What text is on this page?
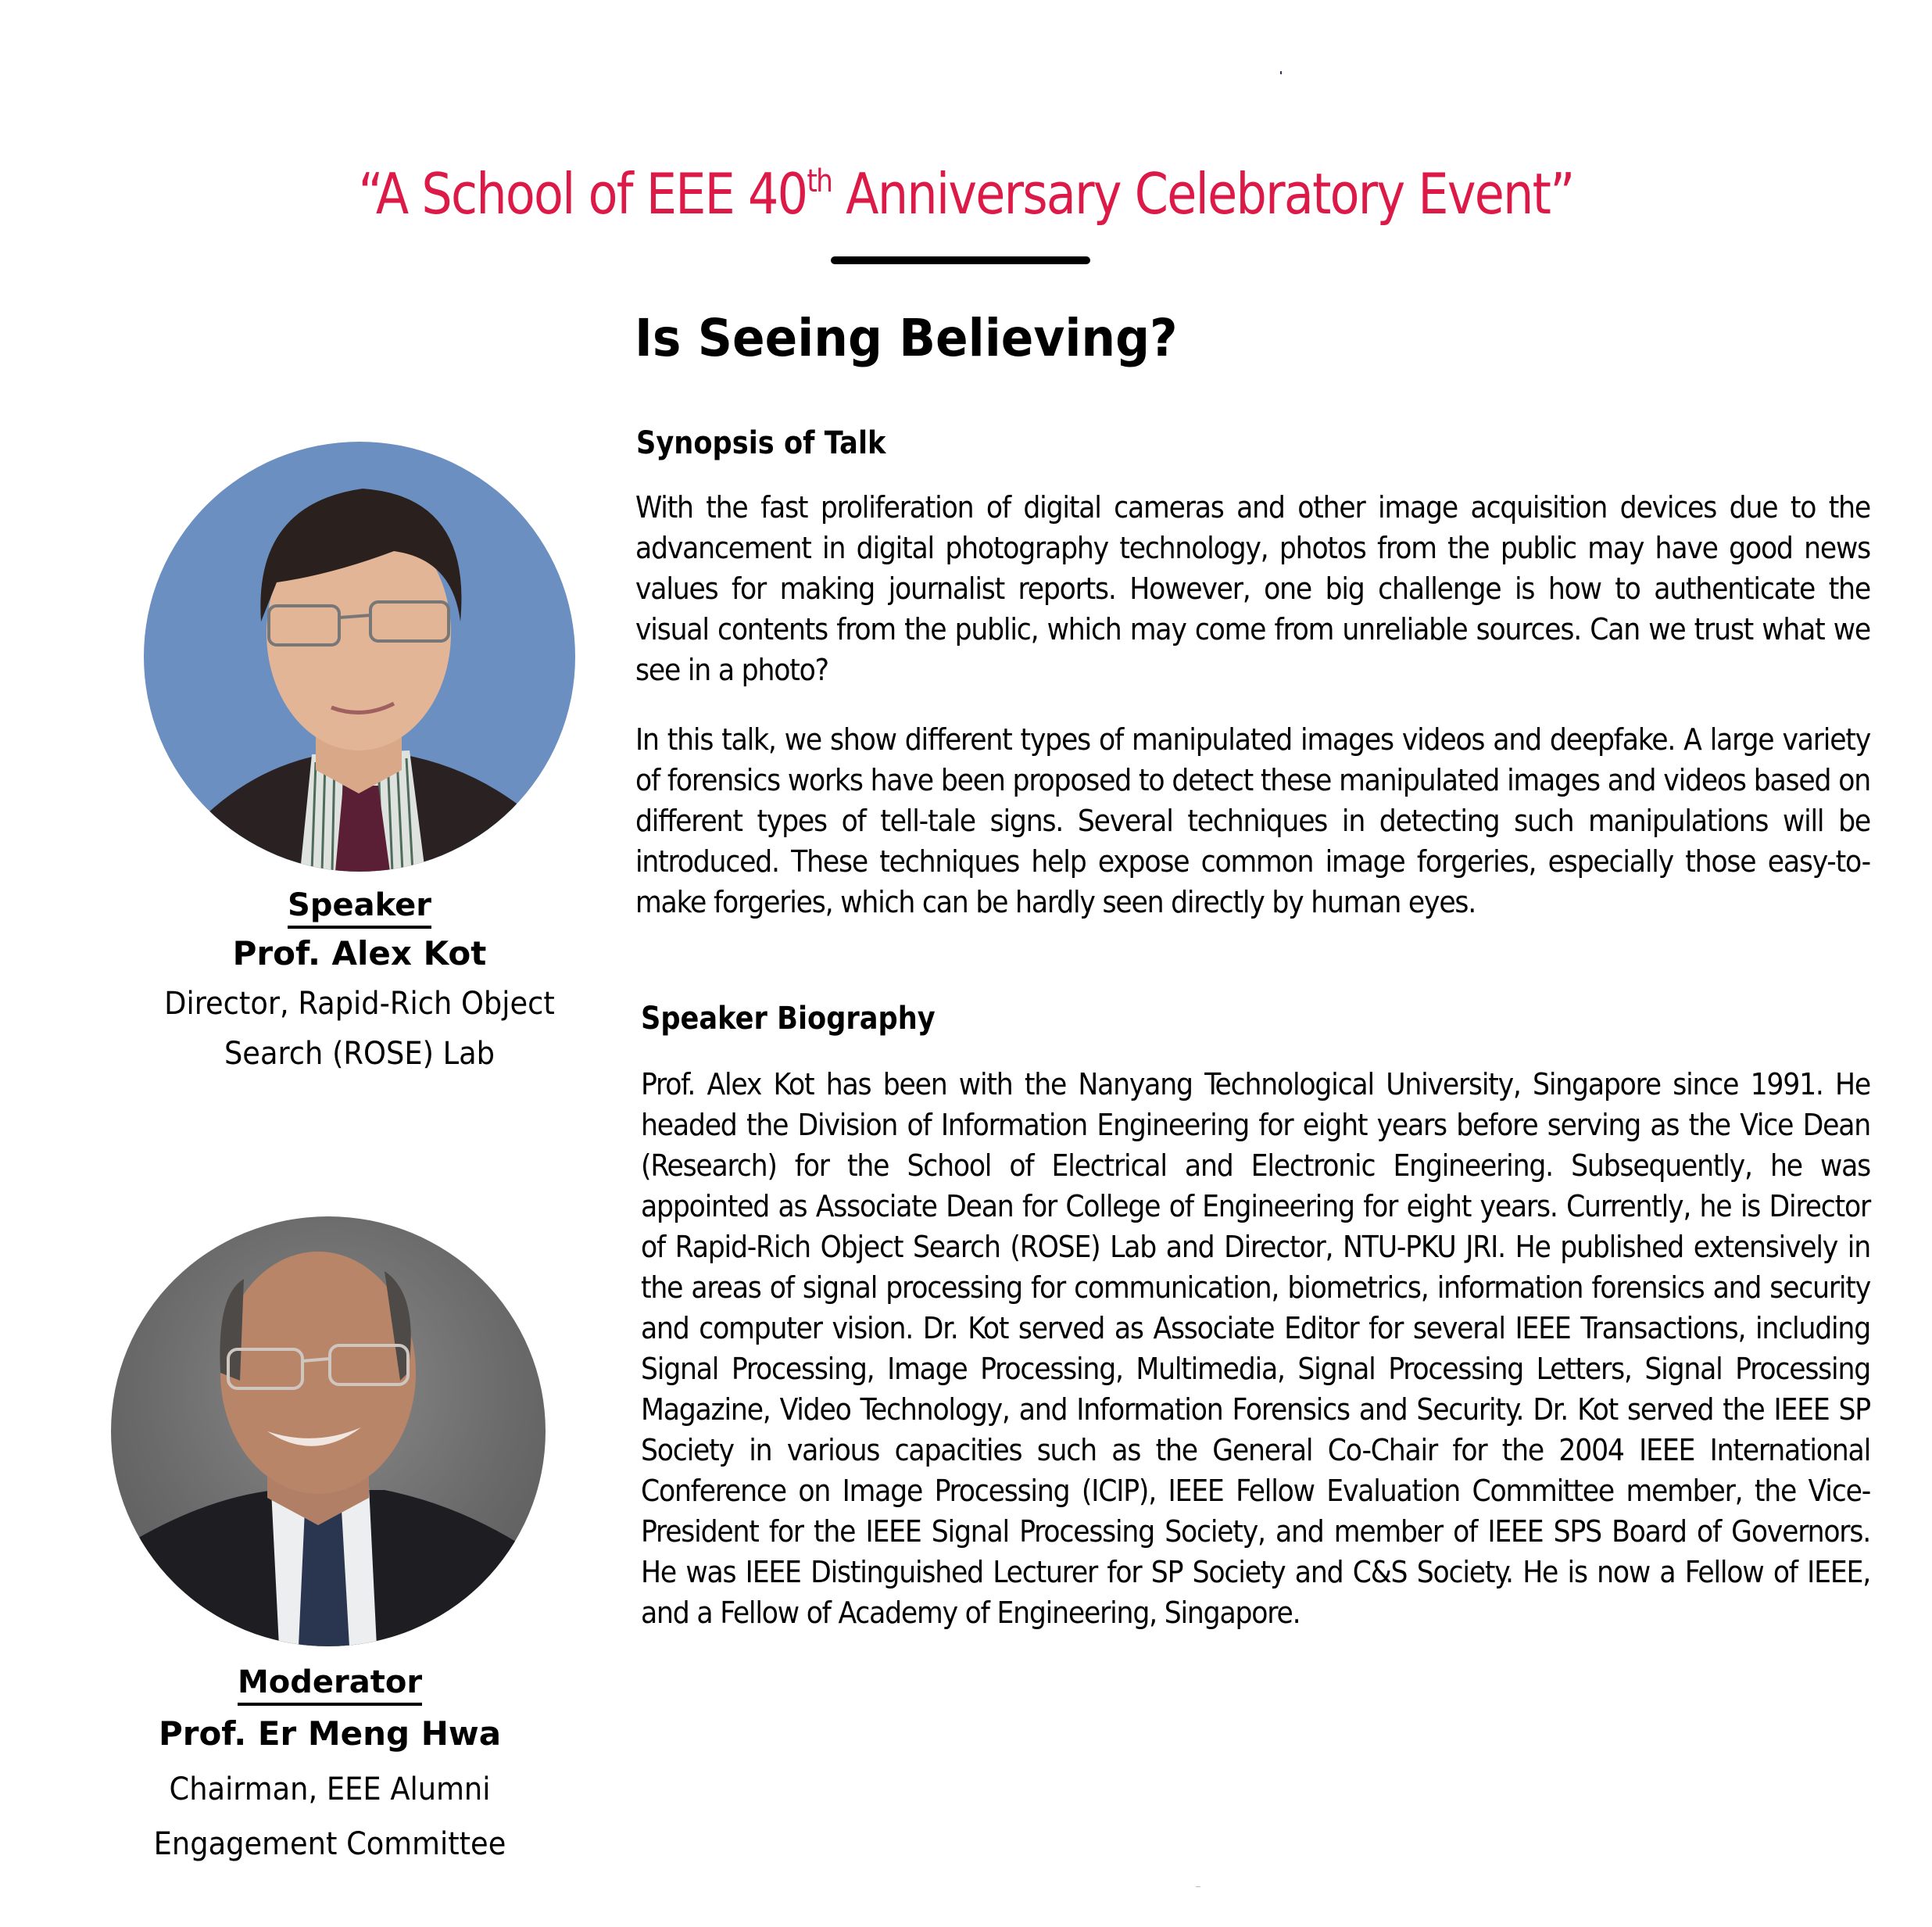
“A School of EEE 40th Anniversary Celebratory Event”
Is Seeing Believing?
Synopsis of Talk
With the fast proliferation of digital cameras and other image acquisition devices due to the advancement in digital photography technology, photos from the public may have good news values for making journalist reports. However, one big challenge is how to authenticate the visual contents from the public, which may come from unreliable sources. Can we trust what we see in a photo?
In this talk, we show different types of manipulated images videos and deepfake. A large variety of forensics works have been proposed to detect these manipulated images and videos based on different types of tell-tale signs. Several techniques in detecting such manipulations will be introduced. These techniques help expose common image forgeries, especially those easy-to-make forgeries, which can be hardly seen directly by human eyes.
Speaker Biography
Prof. Alex Kot has been with the Nanyang Technological University, Singapore since 1991. He headed the Division of Information Engineering for eight years before serving as the Vice Dean (Research) for the School of Electrical and Electronic Engineering. Subsequently, he was appointed as Associate Dean for College of Engineering for eight years. Currently, he is Director of Rapid-Rich Object Search (ROSE) Lab and Director, NTU-PKU JRI. He published extensively in the areas of signal processing for communication, biometrics, information forensics and security and computer vision. Dr. Kot served as Associate Editor for several IEEE Transactions, including Signal Processing, Image Processing, Multimedia, Signal Processing Letters, Signal Processing Magazine, Video Technology, and Information Forensics and Security. Dr. Kot served the IEEE SP Society in various capacities such as the General Co-Chair for the 2004 IEEE International Conference on Image Processing (ICIP), IEEE Fellow Evaluation Committee member, the Vice-President for the IEEE Signal Processing Society, and member of IEEE SPS Board of Governors. He was IEEE Distinguished Lecturer for SP Society and C&S Society. He is now a Fellow of IEEE, and a Fellow of Academy of Engineering, Singapore.
Speaker
Prof. Alex Kot
Director, Rapid-Rich Object
Search (ROSE) Lab
Moderator
Prof. Er Meng Hwa
Chairman, EEE Alumni
Engagement Committee
